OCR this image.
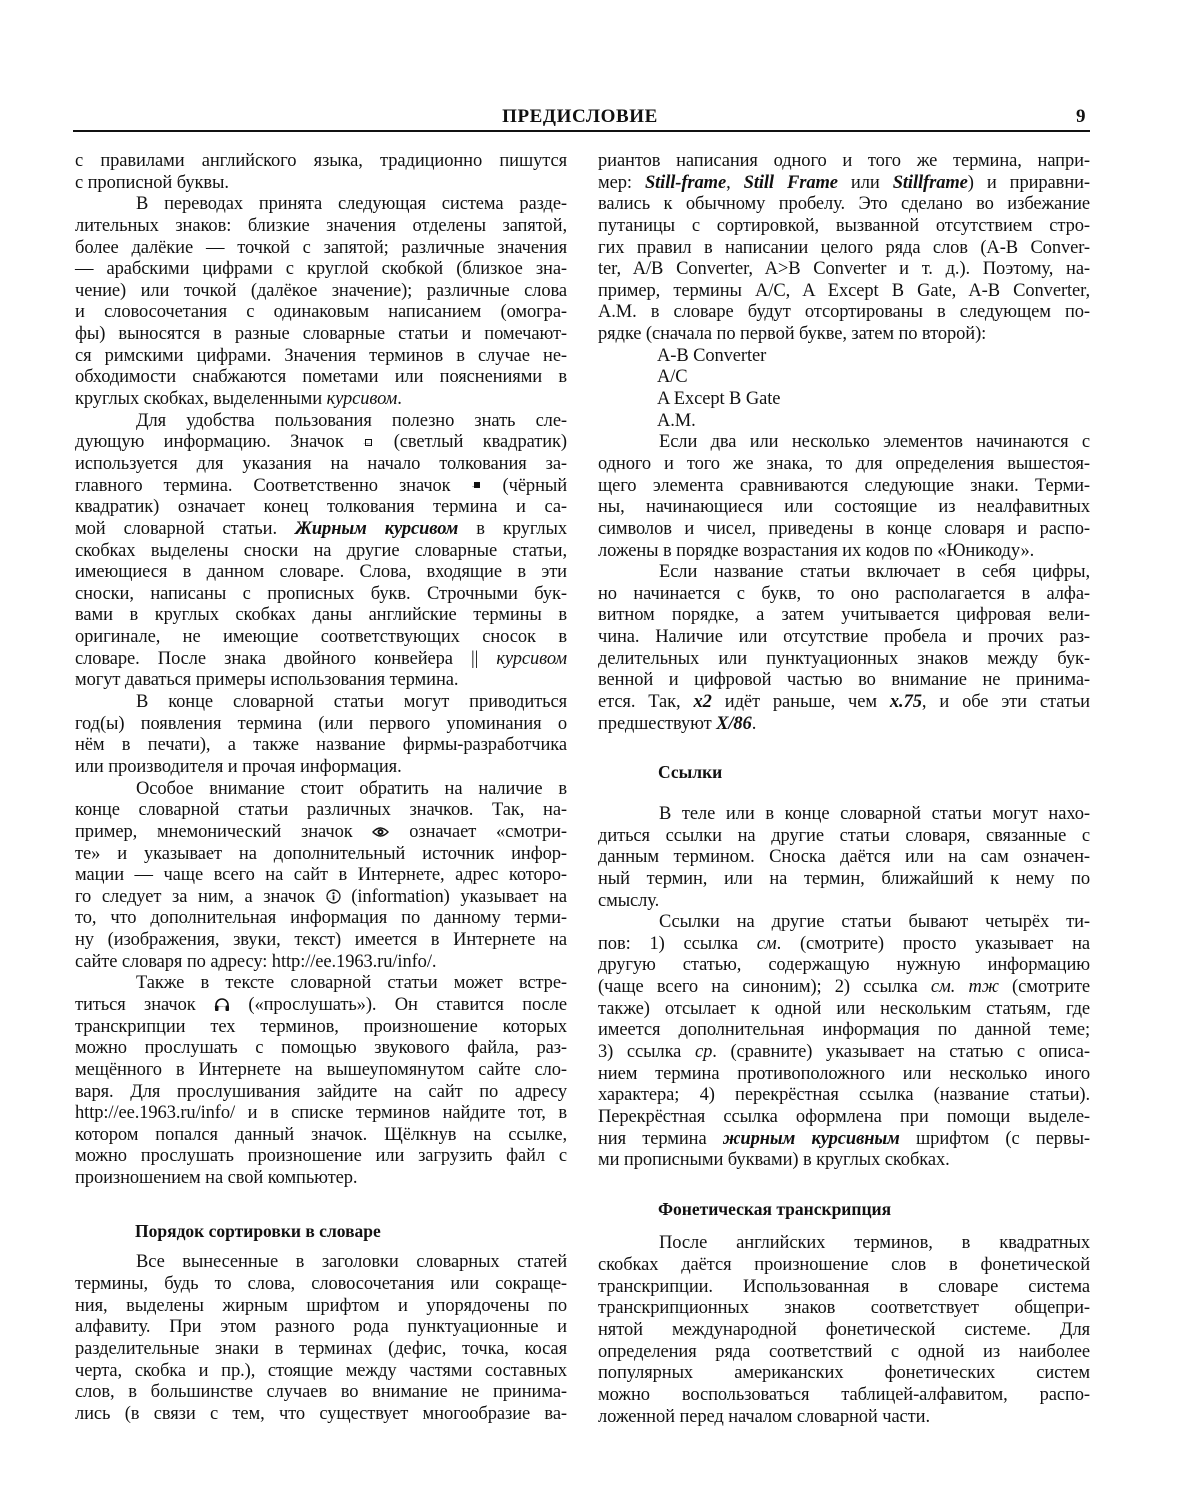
ПРЕДИСЛОВИЕ	9
с правилами английского языка, традиционно пишутся
с прописной буквы.
В переводах принята следующая система разде-
лительных знаков: близкие значения отделены запятой,
более далёкие — точкой с запятой; различные значения
— арабскими цифрами с круглой скобкой (близкое зна-
чение) или точкой (далёкое значение); различные слова
и словосочетания с одинаковым написанием (омогра-
фы) выносятся в разные словарные статьи и помечают-
ся римскими цифрами. Значения терминов в случае не-
обходимости снабжаются пометами или пояснениями в
круглых скобках, выделенными курсивом.
Для удобства пользования полезно знать сле-
дующую информацию. Значок {sq-open} (светлый квадратик)
используется для указания на начало толкования за-
главного термина. Соответственно значок {sq-filled} (чёрный
квадратик) означает конец толкования термина и са-
мой словарной статьи. Жирным курсивом в круглых
скобках выделены сноски на другие словарные статьи,
имеющиеся в данном словаре. Слова, входящие в эти
сноски, написаны с прописных букв. Строчными бук-
вами в круглых скобках даны английские термины в
оригинале, не имеющие соответствующих сносок в
словаре. После знака двойного конвейера || курсивом
могут даваться примеры использования термина.
В конце словарной статьи могут приводиться
год(ы) появления термина (или первого упоминания о
нём в печати), а также название фирмы-разработчика
или производителя и прочая информация.
Особое внимание стоит обратить на наличие в
конце словарной статьи различных значков. Так, на-
пример, мнемонический значок {eye} означает «смотри-
те» и указывает на дополнительный источник инфор-
мации — чаще всего на сайт в Интернете, адрес которо-
го следует за ним, а значок {info} (information) указывает на
то, что дополнительная информация по данному терми-
ну (изображения, звуки, текст) имеется в Интернете на
сайте словаря по адресу: http://ee.1963.ru/info/.
Также в тексте словарной статьи может встре-
титься значок {headphones} («прослушать»). Он ставится после
транскрипции тех терминов, произношение которых
можно прослушать с помощью звукового файла, раз-
мещённого в Интернете на вышеупомянутом сайте сло-
варя. Для прослушивания зайдите на сайт по адресу
http://ee.1963.ru/info/ и в списке терминов найдите тот, в
котором попался данный значок. Щёлкнув на ссылке,
можно прослушать произношение или загрузить файл с
произношением на свой компьютер.
Порядок сортировки в словаре
Все вынесенные в заголовки словарных статей
термины, будь то слова, словосочетания или сокраще-
ния, выделены жирным шрифтом и упорядочены по
алфавиту. При этом разного рода пунктуационные и
разделительные знаки в терминах (дефис, точка, косая
черта, скобка и пр.), стоящие между частями составных
слов, в большинстве случаев во внимание не принима-
лись (в связи с тем, что существует многообразие ва-
риантов написания одного и того же термина, напри-
мер: Still-frame, Still Frame или Stillframe) и приравни-
вались к обычному пробелу. Это сделано во избежание
путаницы с сортировкой, вызванной отсутствием стро-
гих правил в написании целого ряда слов (A-B Conver-
ter, A/B Converter, A>B Converter и т. д.). Поэтому, на-
пример, термины A/C, A Except B Gate, A-B Converter,
A.M. в словаре будут отсортированы в следующем по-
рядке (сначала по первой букве, затем по второй):
A-B Converter
A/C
A Except B Gate
A.M.
Если два или несколько элементов начинаются с
одного и того же знака, то для определения вышестоя-
щего элемента сравниваются следующие знаки. Терми-
ны, начинающиеся или состоящие из неалфавитных
символов и чисел, приведены в конце словаря и распо-
ложены в порядке возрастания их кодов по «Юникоду».
Если название статьи включает в себя цифры,
но начинается с букв, то оно располагается в алфа-
витном порядке, а затем учитывается цифровая вели-
чина. Наличие или отсутствие пробела и прочих раз-
делительных или пунктуационных знаков между бук-
венной и цифровой частью во внимание не принима-
ется. Так, x2 идёт раньше, чем x.75, и обе эти статьи
предшествуют X/86.
Ссылки
В теле или в конце словарной статьи могут нахо-
диться ссылки на другие статьи словаря, связанные с
данным термином. Сноска даётся или на сам означен-
ный термин, или на термин, ближайший к нему по
смыслу.
Ссылки на другие статьи бывают четырёх ти-
пов: 1) ссылка см. (смотрите) просто указывает на
другую статью, содержащую нужную информацию
(чаще всего на синоним); 2) ссылка см. тж (смотрите
также) отсылает к одной или нескольким статьям, где
имеется дополнительная информация по данной теме;
3) ссылка ср. (сравните) указывает на статью с описа-
нием термина противоположного или несколько иного
характера; 4) перекрёстная ссылка (название статьи).
Перекрёстная ссылка оформлена при помощи выделе-
ния термина жирным курсивным шрифтом (с первы-
ми прописными буквами) в круглых скобках.
Фонетическая транскрипция
После английских терминов, в квадратных
скобках даётся произношение слов в фонетической
транскрипции. Использованная в словаре система
транскрипционных знаков соответствует общепри-
нятой международной фонетической системе. Для
определения ряда соответствий с одной из наиболее
популярных американских фонетических систем
можно воспользоваться таблицей-алфавитом, распо-
ложенной перед началом словарной части.
